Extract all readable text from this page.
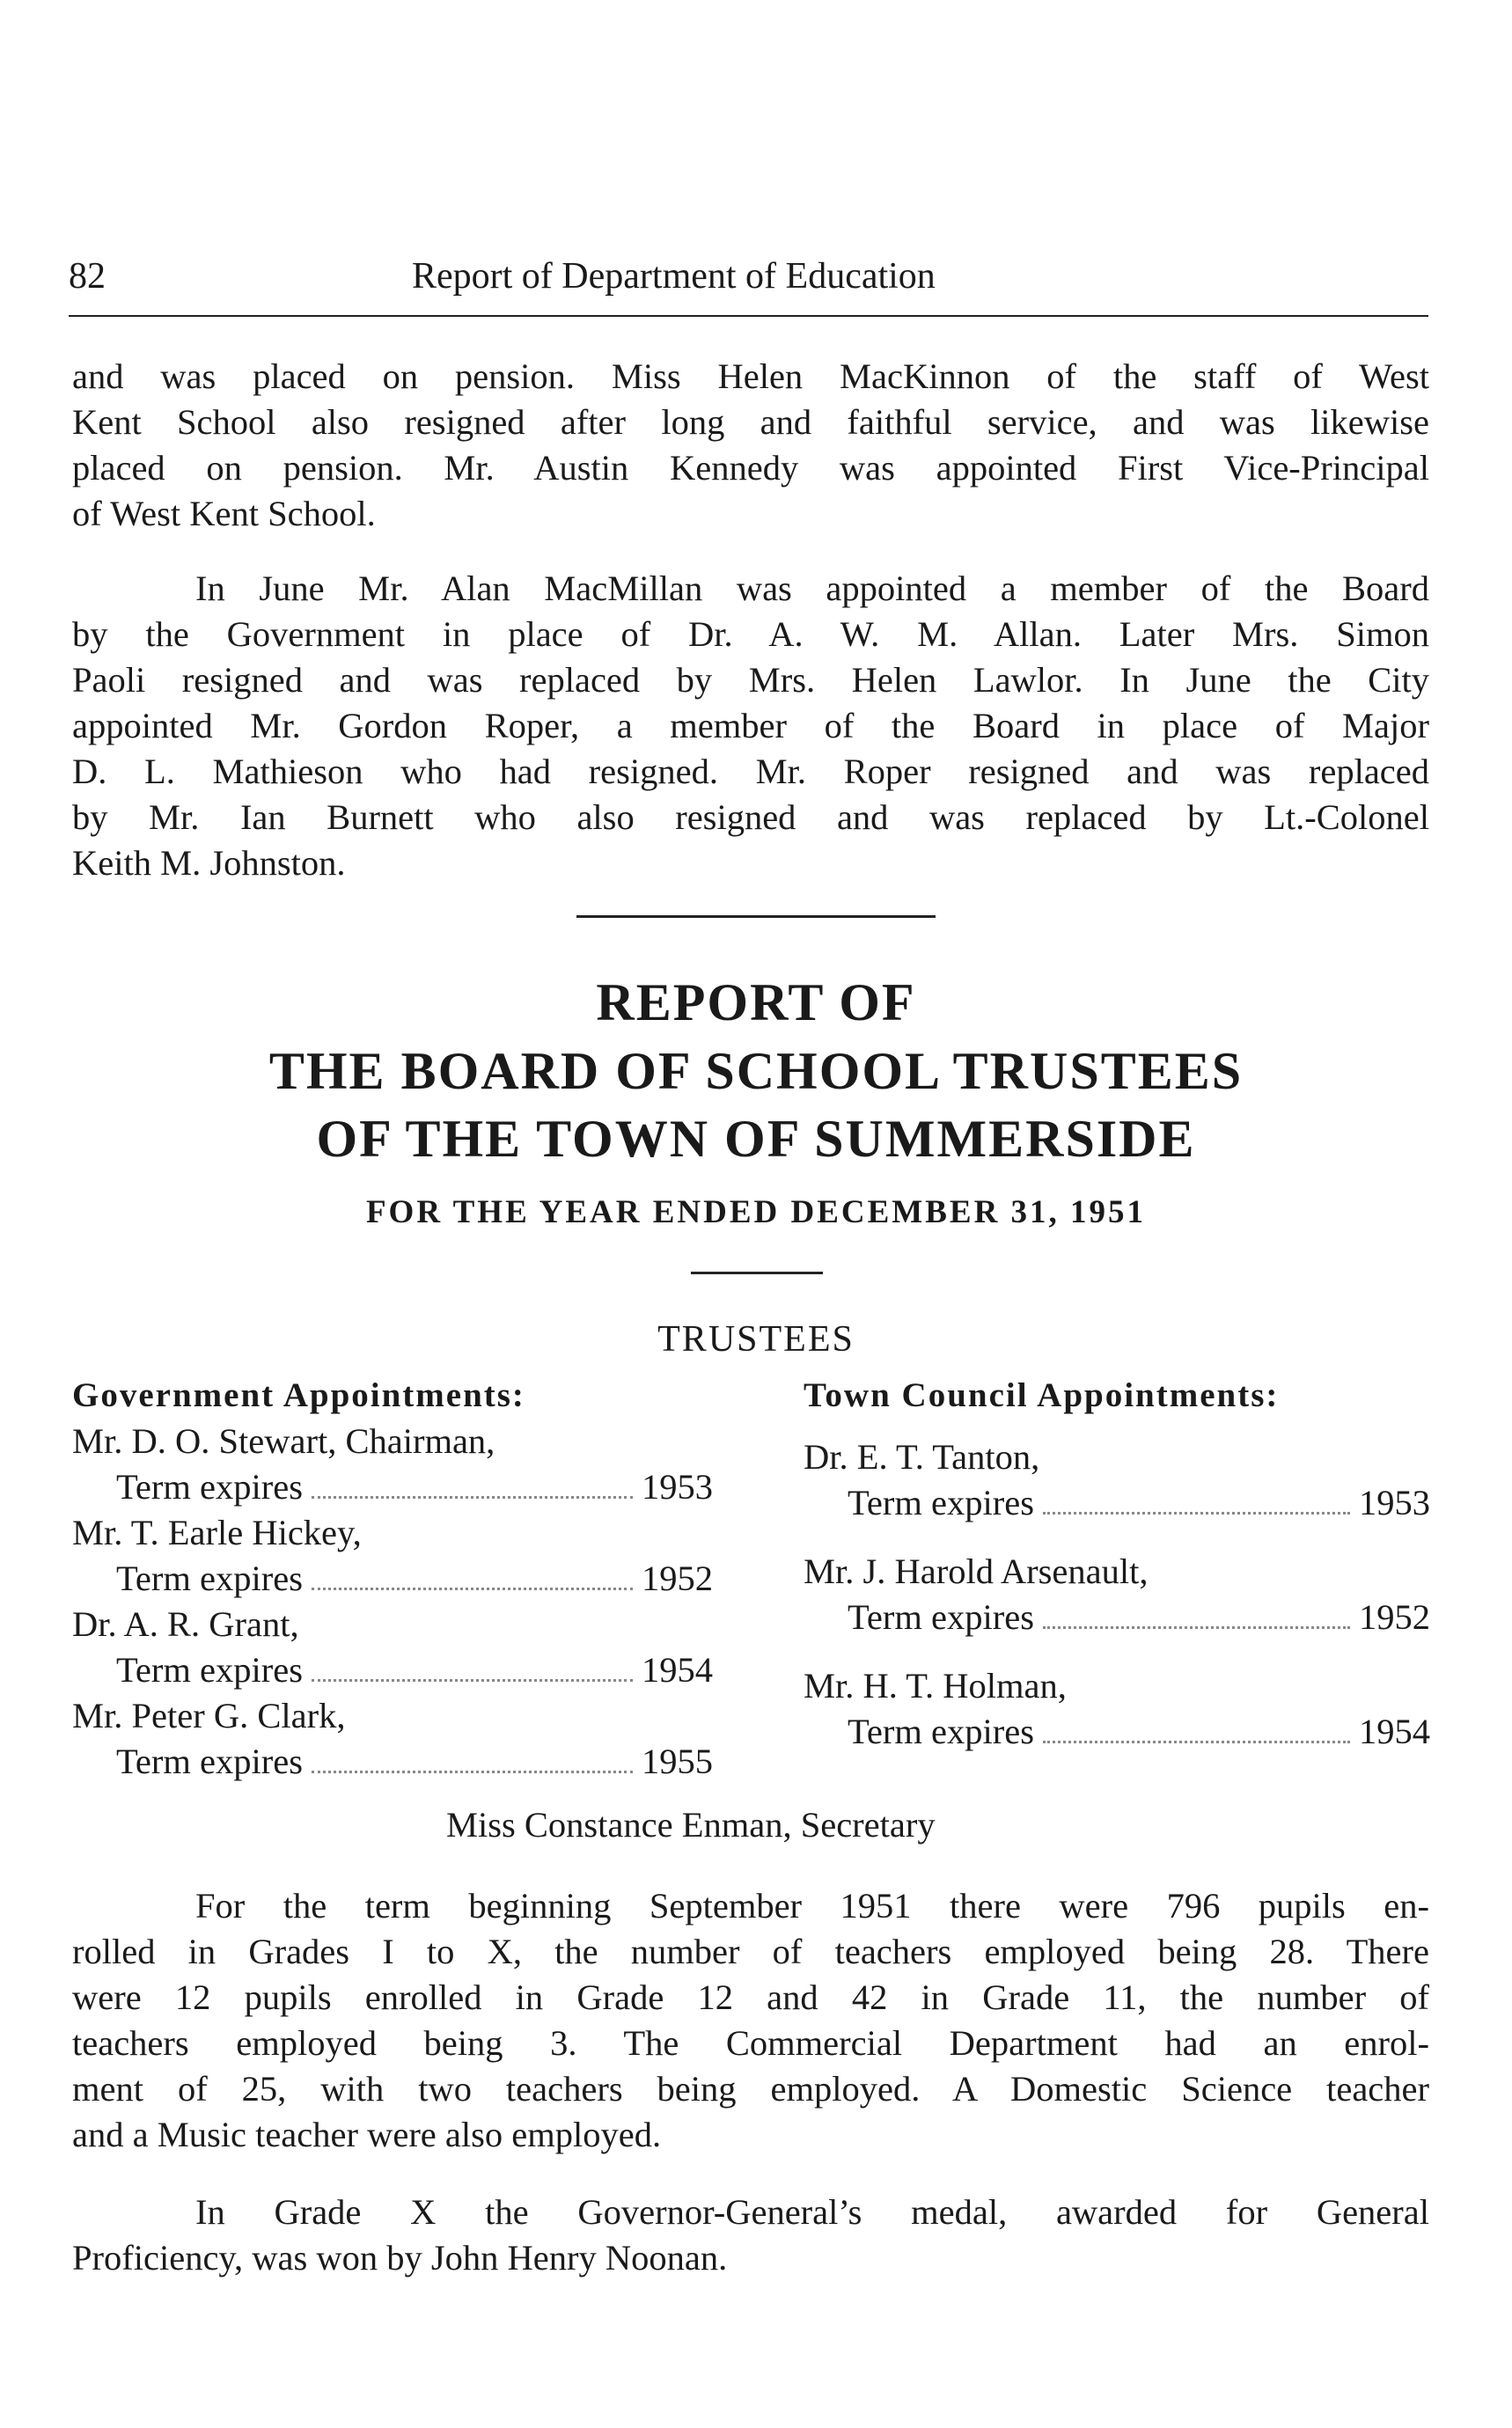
82	Report of Department of Education
and was placed on pension. Miss Helen MacKinnon of the staff of West
Kent School also resigned after long and faithful service, and was likewise
placed on pension. Mr. Austin Kennedy was appointed First Vice-Principal
of West Kent School.
In June Mr. Alan MacMillan was appointed a member of the Board
by the Government in place of Dr. A. W. M. Allan. Later Mrs. Simon
Paoli resigned and was replaced by Mrs. Helen Lawlor. In June the City
appointed Mr. Gordon Roper, a member of the Board in place of Major
D. L. Mathieson who had resigned. Mr. Roper resigned and was replaced
by Mr. Ian Burnett who also resigned and was replaced by Lt.-Colonel
Keith M. Johnston.
REPORT OF
THE BOARD OF SCHOOL TRUSTEES
OF THE TOWN OF SUMMERSIDE
FOR THE YEAR ENDED DECEMBER 31, 1951
TRUSTEES
Government Appointments:
Mr. D. O. Stewart, Chairman,
Term expires	1953
Mr. T. Earle Hickey,
Term expires	1952
Dr. A. R. Grant,
Term expires	1954
Mr. Peter G. Clark,
Term expires	1955
Town Council Appointments:
Dr. E. T. Tanton,
Term expires	1953
Mr. J. Harold Arsenault,
Term expires	1952
Mr. H. T. Holman,
Term expires	1954
Miss Constance Enman, Secretary
For the term beginning September 1951 there were 796 pupils en-
rolled in Grades I to X, the number of teachers employed being 28. There
were 12 pupils enrolled in Grade 12 and 42 in Grade 11, the number of
teachers employed being 3. The Commercial Department had an enrol-
ment of 25, with two teachers being employed. A Domestic Science teacher
and a Music teacher were also employed.
In Grade X the Governor-General’s medal, awarded for General
Proficiency, was won by John Henry Noonan.
